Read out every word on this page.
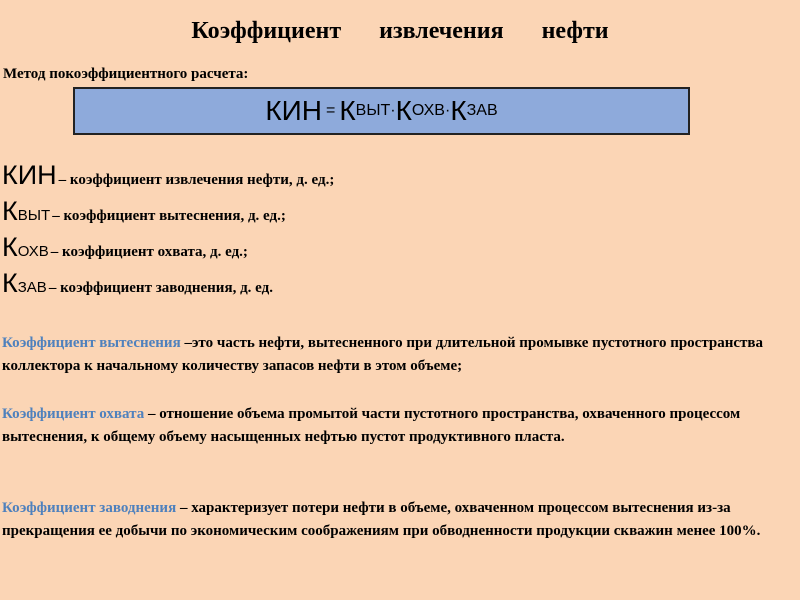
Коэффициент извлечения нефти
Метод покоэффициентного расчета:
КИН = К ВЫТ · К ОХВ · К ЗАВ
КИН – коэффициент извлечения нефти, д. ед.;
КВЫТ – коэффициент вытеснения, д. ед.;
КОХВ – коэффициент охвата, д. ед.;
КЗАВ – коэффициент заводнения, д. ед.
Коэффициент вытеснения –это часть нефти, вытесненного при длительной промывке пустотного пространства коллектора к начальному количеству запасов нефти в этом объеме;
Коэффициент охвата – отношение объема промытой части пустотного пространства, охваченного процессом вытеснения, к общему объему насыщенных нефтью пустот продуктивного пласта.
Коэффициент заводнения – характеризует потери нефти в объеме, охваченном процессом вытеснения из-за прекращения ее добычи по экономическим соображениям при обводненности продукции скважин менее 100%.
